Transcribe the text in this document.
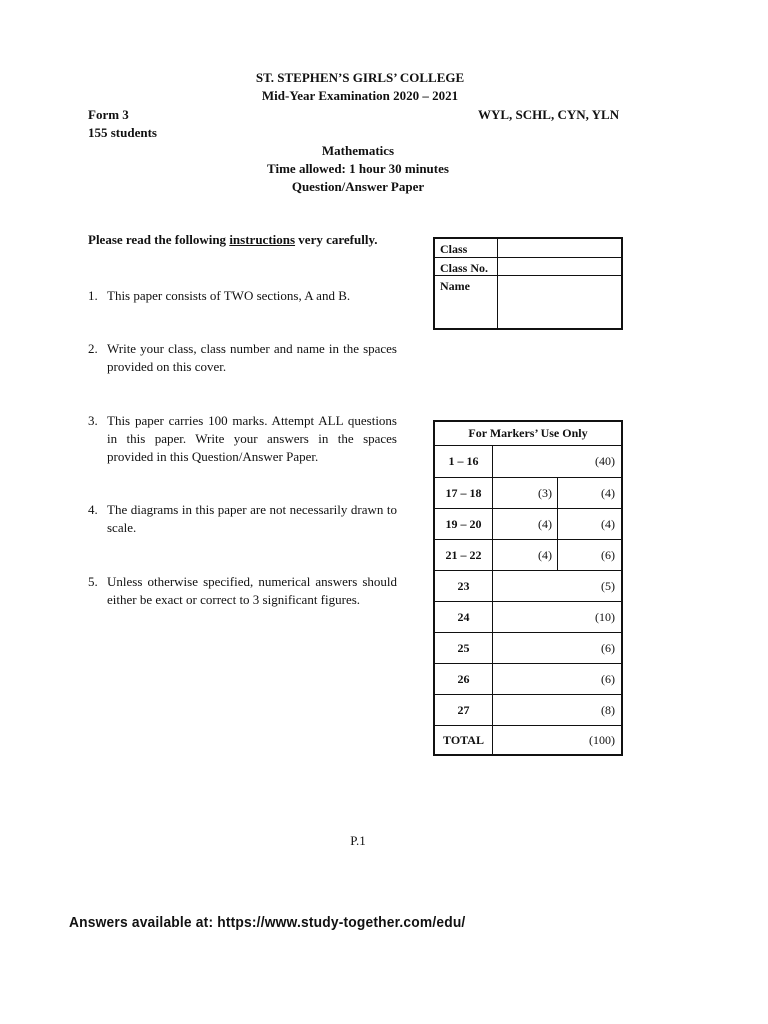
ST. STEPHEN’S GIRLS’ COLLEGE
Mid-Year Examination 2020 – 2021
Form 3	WYL, SCHL, CYN, YLN
155 students
Mathematics
Time allowed: 1 hour 30 minutes
Question/Answer Paper
Please read the following instructions very carefully.
1. This paper consists of TWO sections, A and B.
2. Write your class, class number and name in the spaces provided on this cover.
3. This paper carries 100 marks. Attempt ALL questions in this paper. Write your answers in the spaces provided in this Question/Answer Paper.
4. The diagrams in this paper are not necessarily drawn to scale.
5. Unless otherwise specified, numerical answers should either be exact or correct to 3 significant figures.
Class
Class No.
Name
For Markers’ Use Only
1 – 16	(40)
17 – 18	(3)	(4)
19 – 20	(4)	(4)
21 – 22	(4)	(6)
23	(5)
24	(10)
25	(6)
26	(6)
27	(8)
TOTAL	(100)
P.1
Answers available at: https://www.study-together.com/edu/
